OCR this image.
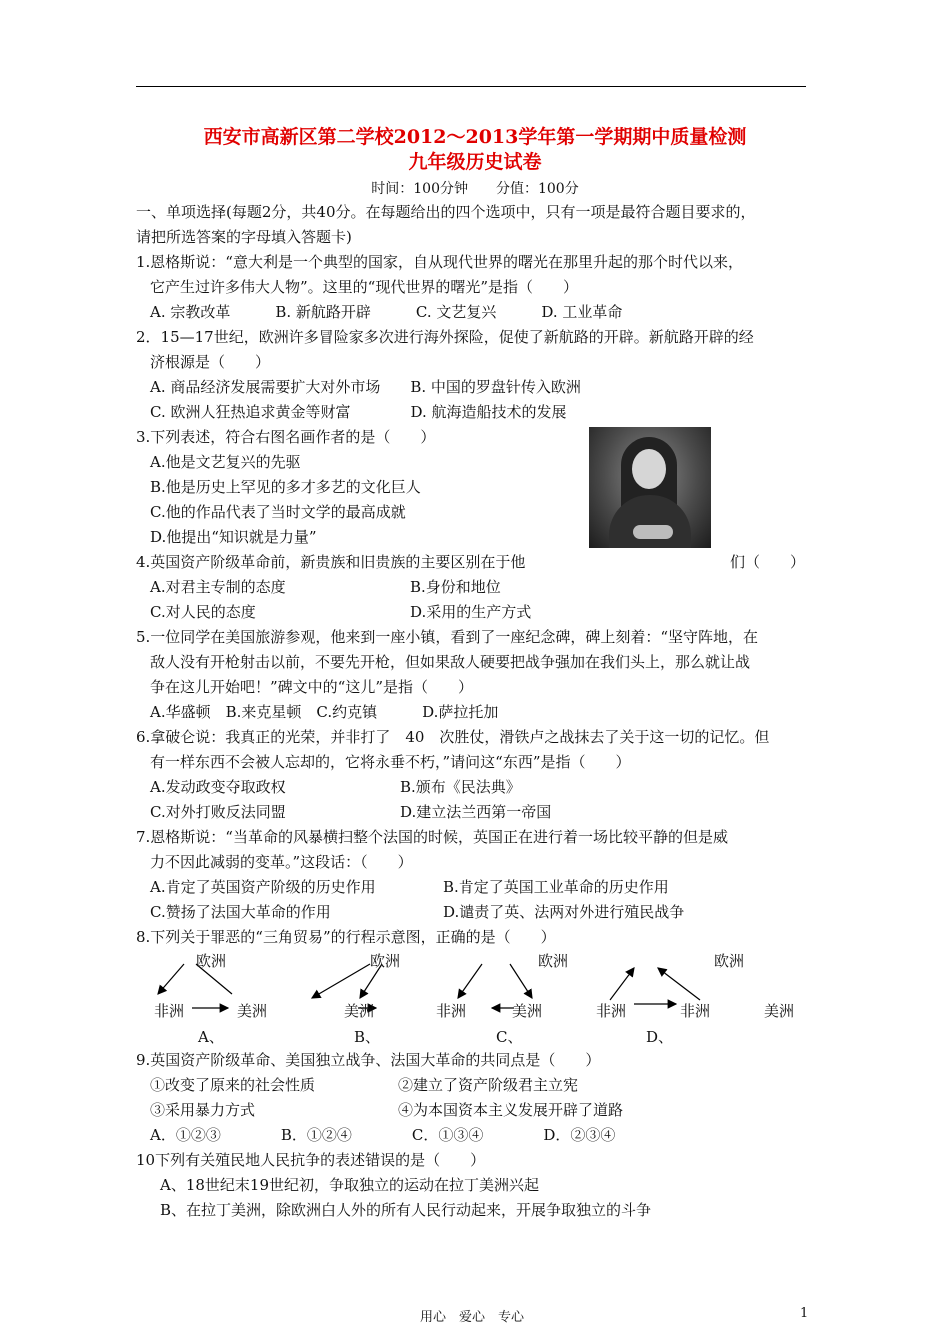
西安市高新区第二学校2012～2013学年第一学期期中质量检测
九年级历史试卷
时间：100分钟　　分值：100分
一、单项选择(每题2分，共40分。在每题给出的四个选项中，只有一项是最符合题目要求的，
请把所选答案的字母填入答题卡)
1.恩格斯说：“意大利是一个典型的国家，自从现代世界的曙光在那里升起的那个时代以来，
它产生过许多伟大人物”。这里的“现代世界的曙光”是指（　　）
A. 宗教改革　　　B. 新航路开辟　　　C. 文艺复兴　　　D. 工业革命
2．15—17世纪，欧洲许多冒险家多次进行海外探险，促使了新航路的开辟。新航路开辟的经
济根源是（　　）
A. 商品经济发展需要扩大对外市场　　B. 中国的罗盘针传入欧洲
C. 欧洲人狂热追求黄金等财富　　　　D. 航海造船技术的发展
3.下列表述，符合右图名画作者的是（　　）
A.他是文艺复兴的先驱
B.他是历史上罕见的多才多艺的文化巨人
C.他的作品代表了当时文学的最高成就
D.他提出“知识就是力量”
4.英国资产阶级革命前，新贵族和旧贵族的主要区别在于他	们（　　）
A.对君主专制的态度	B.身份和地位
C.对人民的态度	D.采用的生产方式
5.一位同学在美国旅游参观，他来到一座小镇，看到了一座纪念碑，碑上刻着：“坚守阵地，在
敌人没有开枪射击以前，不要先开枪，但如果敌人硬要把战争强加在我们头上，那么就让战
争在这儿开始吧！”碑文中的“这儿”是指（　　）
A.华盛顿　B.来克星顿　C.约克镇　　　D.萨拉托加
6.拿破仑说：我真正的光荣，并非打了　40　次胜仗，滑铁卢之战抹去了关于这一切的记忆。但
有一样东西不会被人忘却的，它将永垂不朽，”请问这“东西”是指（　　）
A.发动政变夺取政权	B.颁布《民法典》
C.对外打败反法同盟	D.建立法兰西第一帝国
7.恩格斯说：“当革命的风暴横扫整个法国的时候，英国正在进行着一场比较平静的但是威
力不因此减弱的变革。”这段话：（　　）
A.肯定了英国资产阶级的历史作用	B.肯定了英国工业革命的历史作用
C.赞扬了法国大革命的作用	D.谴责了英、法两对外进行殖民战争
8.下列关于罪恶的“三角贸易”的行程示意图，正确的是（　　）
欧洲
非洲	美洲
A、
欧洲
美洲
B、
非洲	美洲
C、
欧洲
非洲	非洲
欧洲
美洲
D、
9.英国资产阶级革命、美国独立战争、法国大革命的共同点是（　　）
①改变了原来的社会性质	②建立了资产阶级君主立宪
③采用暴力方式	④为本国资本主义发展开辟了道路
A．①②③　　　　B．①②④　　　　C．①③④　　　　D．②③④
10下列有关殖民地人民抗争的表述错误的是（　　）
A、18世纪末19世纪初，争取独立的运动在拉丁美洲兴起
B、在拉丁美洲，除欧洲白人外的所有人民行动起来，开展争取独立的斗争
用心　爱心　专心	1
